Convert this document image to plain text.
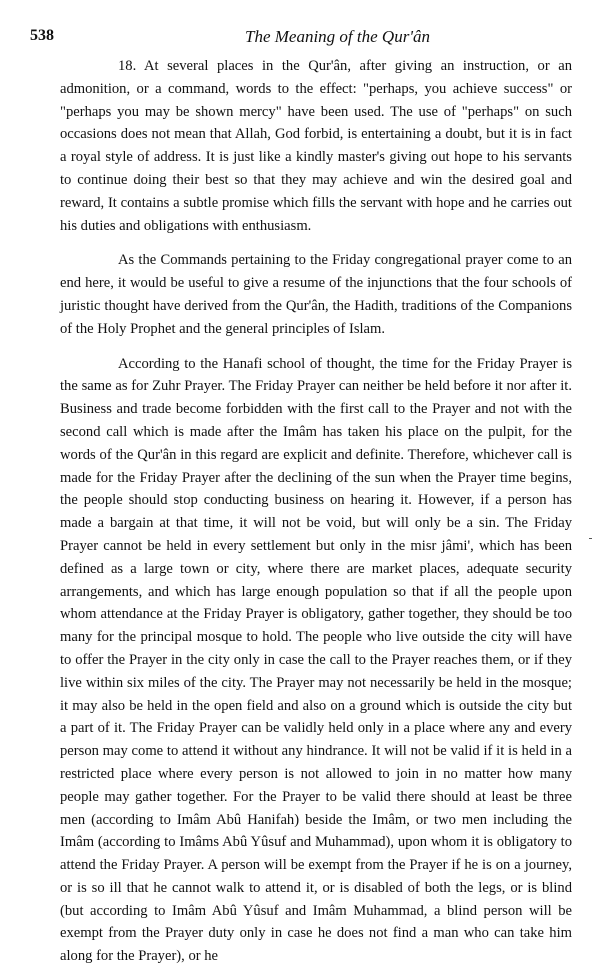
538	The Meaning of the Qur'ân

18. At several places in the Qur'ân, after giving an instruction, or an admonition, or a command, words to the effect: "perhaps, you achieve success" or "perhaps you may be shown mercy" have been used. The use of "perhaps" on such occasions does not mean that Allah, God forbid, is entertaining a doubt, but it is in fact a royal style of address. It is just like a kindly master's giving out hope to his servants to continue doing their best so that they may achieve and win the desired goal and reward, It contains a subtle promise which fills the servant with hope and he carries out his duties and obligations with enthusiasm.

As the Commands pertaining to the Friday congregational prayer come to an end here, it would be useful to give a resume of the injunctions that the four schools of juristic thought have derived from the Qur'ân, the Hadith, traditions of the Companions of the Holy Prophet and the general principles of Islam.

According to the Hanafi school of thought, the time for the Friday Prayer is the same as for Zuhr Prayer. The Friday Prayer can neither be held before it nor after it. Business and trade become forbidden with the first call to the Prayer and not with the second call which is made after the Imâm has taken his place on the pulpit, for the words of the Qur'ân in this regard are explicit and definite. Therefore, whichever call is made for the Friday Prayer after the declining of the sun when the Prayer time begins, the people should stop conducting business on hearing it. However, if a person has made a bargain at that time, it will not be void, but will only be a sin. The Friday Prayer cannot be held in every settlement but only in the misr jâmi', which has been defined as a large town or city, where there are market places, adequate security arrangements, and which has large enough population so that if all the people upon whom attendance at the Friday Prayer is obligatory, gather together, they should be too many for the principal mosque to hold. The people who live outside the city will have to offer the Prayer in the city only in case the call to the Prayer reaches them, or if they live within six miles of the city. The Prayer may not necessarily be held in the mosque; it may also be held in the open field and also on a ground which is outside the city but a part of it. The Friday Prayer can be validly held only in a place where any and every person may come to attend it without any hindrance. It will not be valid if it is held in a restricted place where every person is not allowed to join in no matter how many people may gather together. For the Prayer to be valid there should at least be three men (according to Imâm Abû Hanifah) beside the Imâm, or two men including the Imâm (according to Imâms Abû Yûsuf and Muhammad), upon whom it is obligatory to attend the Friday Prayer. A person will be exempt from the Prayer if he is on a journey, or is so ill that he cannot walk to attend it, or is disabled of both the legs, or is blind (but according to Imâm Abû Yûsuf and Imâm Muhammad, a blind person will be exempt from the Prayer duty only in case he does not find a man who can take him along for the Prayer), or he
